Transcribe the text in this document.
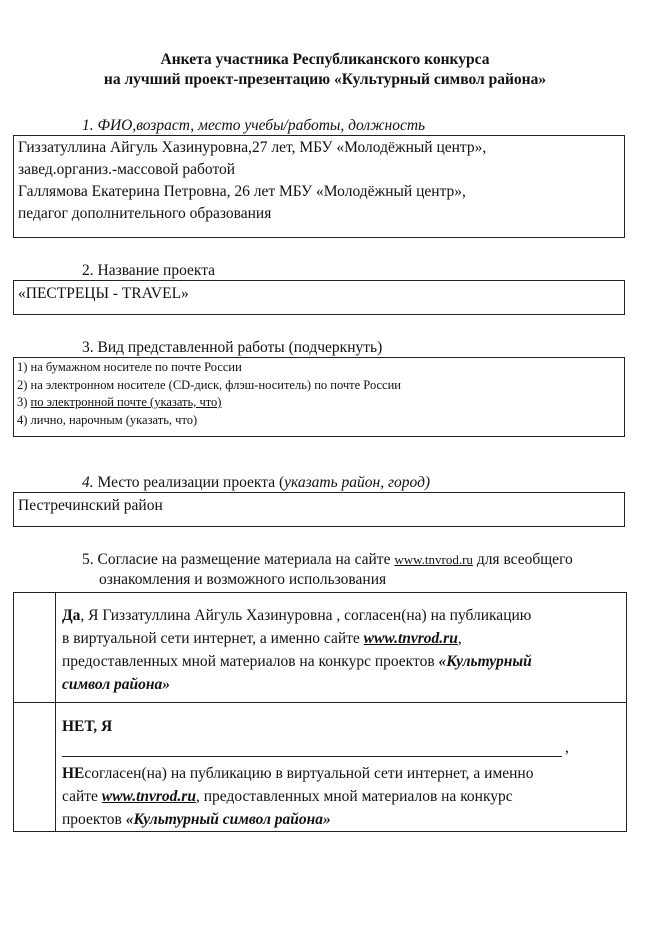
Анкета участника Республиканского конкурса
на лучший проект-презентацию «Культурный символ района»
1. ФИО,возраст, место учебы/работы, должность
Гиззатуллина Айгуль Хазинуровна,27 лет, МБУ «Молодёжный центр»,
завед.организ.-массовой работой
Галлямова Екатерина Петровна, 26 лет МБУ «Молодёжный центр»,
педагог дополнительного образования
2. Название проекта
«ПЕСТРЕЦЫ - TRAVEL»
3. Вид представленной работы (подчеркнуть)
1) на бумажном носителе по почте России
2) на электронном носителе (CD-диск, флэш-носитель) по почте России
3) по электронной почте (указать, что)
4) лично, нарочным (указать, что)
4. Место реализации проекта (указать район, город)
Пестречинский район
5. Согласие на размещение материала на сайте www.tnvrod.ru для всеобщего
ознакомления и возможного использования
Да, Я Гиззатуллина Айгуль Хазинуровна , согласен(на) на публикацию
в виртуальной сети интернет, а именно сайте www.tnvrod.ru,
предоставленных мной материалов на конкурс проектов «Культурный
символ района»
НЕТ, Я
,
НЕсогласен(на) на публикацию в виртуальной сети интернет, а именно
сайте www.tnvrod.ru, предоставленных мной материалов на конкурс
проектов «Культурный символ района»
